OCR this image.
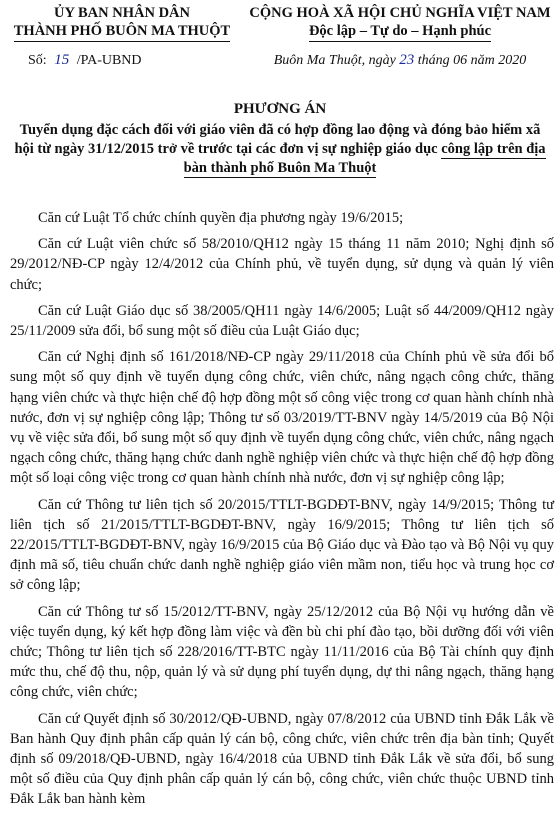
ỦY BAN NHÂN DÂN
THÀNH PHỐ BUÔN MA THUỘT
Số: 15 /PA-UBND
CỘNG HOÀ XÃ HỘI CHỦ NGHĨA VIỆT NAM
Độc lập – Tự do – Hạnh phúc
Buôn Ma Thuột, ngày 23 tháng 06 năm 2020
PHƯƠNG ÁN
Tuyển dụng đặc cách đối với giáo viên đã có hợp đồng lao động và đóng bảo hiểm xã hội từ ngày 31/12/2015 trở về trước tại các đơn vị sự nghiệp giáo dục công lập trên địa bàn thành phố Buôn Ma Thuột

Căn cứ Luật Tổ chức chính quyền địa phương ngày 19/6/2015;

Căn cứ Luật viên chức số 58/2010/QH12 ngày 15 tháng 11 năm 2010; Nghị định số 29/2012/NĐ-CP ngày 12/4/2012 của Chính phủ, về tuyển dụng, sử dụng và quản lý viên chức;

Căn cứ Luật Giáo dục số 38/2005/QH11 ngày 14/6/2005; Luật số 44/2009/QH12 ngày 25/11/2009 sửa đổi, bổ sung một số điều của Luật Giáo dục;

Căn cứ Nghị định số 161/2018/NĐ-CP ngày 29/11/2018 của Chính phủ về sửa đổi bổ sung một số quy định về tuyển dụng công chức, viên chức, nâng ngạch công chức, thăng hạng viên chức và thực hiện chế độ hợp đồng một số công việc trong cơ quan hành chính nhà nước, đơn vị sự nghiệp công lập; Thông tư số 03/2019/TT-BNV ngày 14/5/2019 của Bộ Nội vụ về việc sửa đổi, bổ sung một số quy định về tuyển dụng công chức, viên chức, nâng ngạch ngạch công chức, thăng hạng chức danh nghề nghiệp viên chức và thực hiện chế độ hợp đồng một số loại công việc trong cơ quan hành chính nhà nước, đơn vị sự nghiệp công lập;

Căn cứ Thông tư liên tịch số 20/2015/TTLT-BGDĐT-BNV, ngày 14/9/2015; Thông tư liên tịch số 21/2015/TTLT-BGDĐT-BNV, ngày 16/9/2015; Thông tư liên tịch số 22/2015/TTLT-BGDĐT-BNV, ngày 16/9/2015 của Bộ Giáo dục và Đào tạo và Bộ Nội vụ quy định mã số, tiêu chuẩn chức danh nghề nghiệp giáo viên mầm non, tiểu học và trung học cơ sở công lập;

Căn cứ Thông tư số 15/2012/TT-BNV, ngày 25/12/2012 của Bộ Nội vụ hướng dẫn về việc tuyển dụng, ký kết hợp đồng làm việc và đền bù chi phí đào tạo, bồi dưỡng đối với viên chức; Thông tư liên tịch số 228/2016/TT-BTC ngày 11/11/2016 của Bộ Tài chính quy định mức thu, chế độ thu, nộp, quản lý và sử dụng phí tuyển dụng, dự thi nâng ngạch, thăng hạng công chức, viên chức;

Căn cứ Quyết định số 30/2012/QĐ-UBND, ngày 07/8/2012 của UBND tỉnh Đắk Lắk về Ban hành Quy định phân cấp quản lý cán bộ, công chức, viên chức trên địa bàn tỉnh; Quyết định số 09/2018/QĐ-UBND, ngày 16/4/2018 của UBND tỉnh Đắk Lắk về sửa đổi, bổ sung một số điều của Quy định phân cấp quản lý cán bộ, công chức, viên chức thuộc UBND tỉnh Đắk Lắk ban hành kèm
